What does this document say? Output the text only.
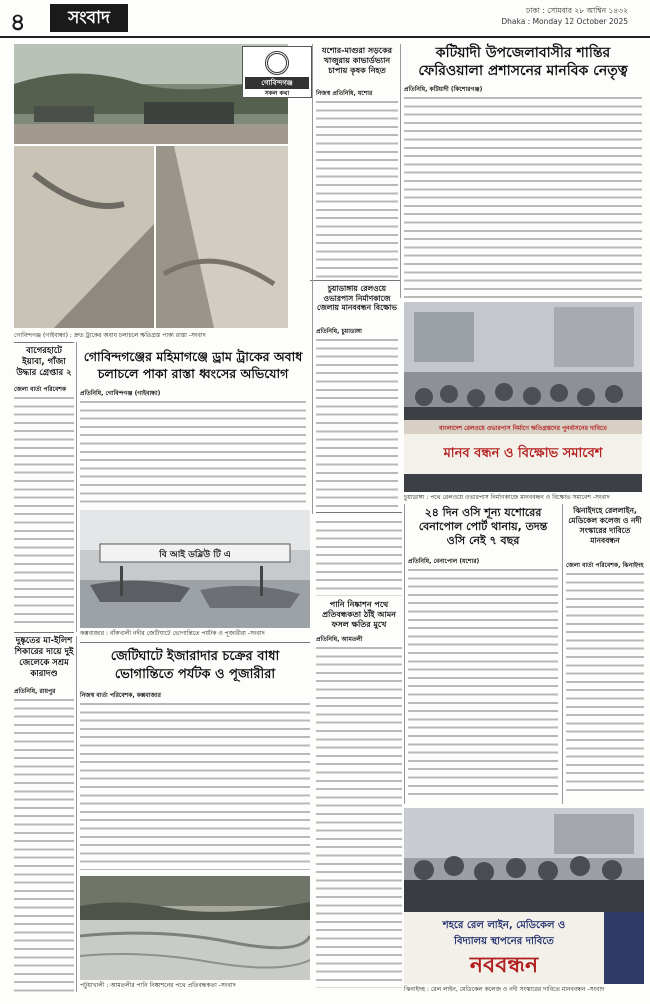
৪	সংবাদ	ঢাকা : সোমবার ২৮ আশ্বিন ১৪৩২
Dhaka : Monday 12 October 2025
গোবিন্দগঞ্জ (গাইবান্ধা) : দ্রুত ট্রাকের অবাধ চলাচলে ক্ষতিগ্রস্ত পাকা রাস্তা -সংবাদ
গোবিন্দগঞ্জ
সকল কথা
যশোর-মাগুরা সড়কের খাজুরায় কাভার্ডভ্যান চাপায় কৃষক নিহত
নিজস্ব প্রতিনিধি, যশোর
কটিয়াদী উপজেলাবাসীর শান্তির ফেরিওয়ালা প্রশাসনের মানবিক নেতৃত্ব
প্রতিনিধি, কটিয়াদী (কিশোরগঞ্জ)
চুয়াডাঙ্গায় রেলওয়ে ওভারপাস নির্মাণকাজে জেলায় মানববন্ধন বিক্ষোভ
প্রতিনিধি, চুয়াডাঙ্গা
বাগেরহাটে ইয়াবা, গাঁজা উদ্ধার গ্রেপ্তার ২
জেলা বার্তা পরিবেশক
গোবিন্দগঞ্জের মহিমাগঞ্জে ড্রাম ট্রাকের অবাধ চলাচলে পাকা রাস্তা ধ্বংসের অভিযোগ
প্রতিনিধি, গোবিন্দগঞ্জ (গাইবান্ধা)
বাংলাদেশ রেলওয়ে ওভারপাস নির্মাণে ক্ষতিগ্রস্তদের পুনর্বাসনের দাবিতে
মানব বন্ধন ও বিক্ষোভ সমাবেশ
চুয়াডাঙ্গা : পথে রেলওয়ে ওভারপাস নির্মাণকাজে মানববন্ধন ও বিক্ষোভ সমাবেশ -সংবাদ
বি আই ডব্লিউ টি এ
কক্সবাজার : বাঁকখালী নদীর জেটিঘাটে ভোগান্তিতে পর্যটক ও পূজারীরা -সংবাদ
পানি নিষ্কাশন পথে প্রতিবন্ধকতা ঠাঁই আমন ফসল ক্ষতির মুখে
প্রতিনিধি, আমতলী
২৪ দিন ওসি শূন্য যশোরের বেনাপোল পোর্ট থানায়, তদন্ত ওসি নেই ৭ বছর
প্রতিনিধি, বেনাপোল (যশোর)
ঝিনাইদহে রেললাইন, মেডিকেল কলেজ ও নদী সংস্কারের দাবিতে মানববন্ধন
জেলা বার্তা পরিবেশক, ঝিনাইদহ
দুষ্কৃতের মা-ইলিশ শিকারের দায়ে দুই জেলেকে সশ্রম কারাদণ্ড
প্রতিনিধি, রায়পুর
জেটিঘাটে ইজারাদার চক্রের বাধা ভোগান্তিতে পর্যটক ও পূজারীরা
নিজস্ব বার্তা পরিবেশক, কক্সবাজার
পটুয়াখালী : আমতলীর পানি নিষ্কাশনের পথে প্রতিবন্ধকতা -সংবাদ
শহরে রেল লাইন, মেডিকেল ও
বিদ্যালয় স্থাপনের দাবিতে
নববন্ধন
ঝিনাইদহ : রেল লাইন, মেডিকেল কলেজ ও নদী সংস্কারের দাবিতে মানববন্ধন -সংবাদ
